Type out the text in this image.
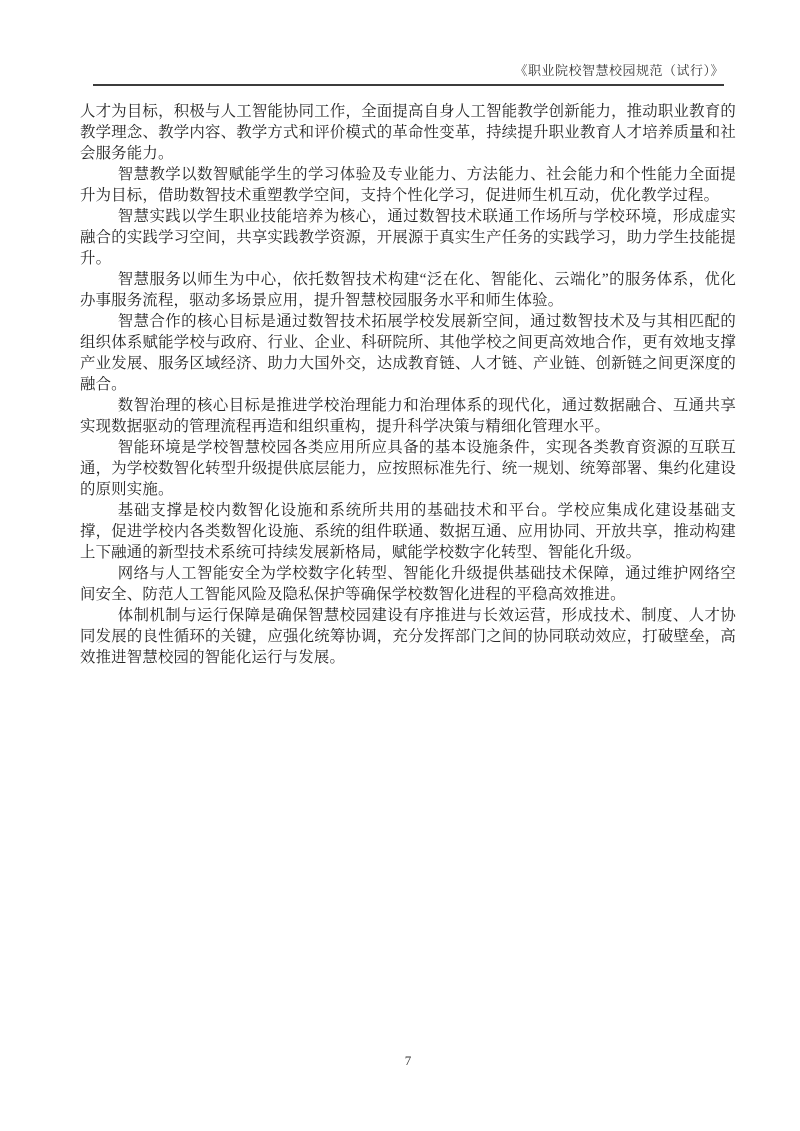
《职业院校智慧校园规范（试行）》

人才为目标，积极与人工智能协同工作，全面提高自身人工智能教学创新能力，推动职业教育的教学理念、教学内容、教学方式和评价模式的革命性变革，持续提升职业教育人才培养质量和社会服务能力。

智慧教学以数智赋能学生的学习体验及专业能力、方法能力、社会能力和个性能力全面提升为目标，借助数智技术重塑教学空间，支持个性化学习，促进师生机互动，优化教学过程。

智慧实践以学生职业技能培养为核心，通过数智技术联通工作场所与学校环境，形成虚实融合的实践学习空间，共享实践教学资源，开展源于真实生产任务的实践学习，助力学生技能提升。

智慧服务以师生为中心，依托数智技术构建“泛在化、智能化、云端化”的服务体系，优化办事服务流程，驱动多场景应用，提升智慧校园服务水平和师生体验。

智慧合作的核心目标是通过数智技术拓展学校发展新空间，通过数智技术及与其相匹配的组织体系赋能学校与政府、行业、企业、科研院所、其他学校之间更高效地合作，更有效地支撑产业发展、服务区域经济、助力大国外交，达成教育链、人才链、产业链、创新链之间更深度的融合。

数智治理的核心目标是推进学校治理能力和治理体系的现代化，通过数据融合、互通共享实现数据驱动的管理流程再造和组织重构，提升科学决策与精细化管理水平。

智能环境是学校智慧校园各类应用所应具备的基本设施条件，实现各类教育资源的互联互通，为学校数智化转型升级提供底层能力，应按照标准先行、统一规划、统筹部署、集约化建设的原则实施。

基础支撑是校内数智化设施和系统所共用的基础技术和平台。学校应集成化建设基础支撑，促进学校内各类数智化设施、系统的组件联通、数据互通、应用协同、开放共享，推动构建上下融通的新型技术系统可持续发展新格局，赋能学校数字化转型、智能化升级。

网络与人工智能安全为学校数字化转型、智能化升级提供基础技术保障，通过维护网络空间安全、防范人工智能风险及隐私保护等确保学校数智化进程的平稳高效推进。

体制机制与运行保障是确保智慧校园建设有序推进与长效运营，形成技术、制度、人才协同发展的良性循环的关键，应强化统筹协调，充分发挥部门之间的协同联动效应，打破壁垒，高效推进智慧校园的智能化运行与发展。

7
